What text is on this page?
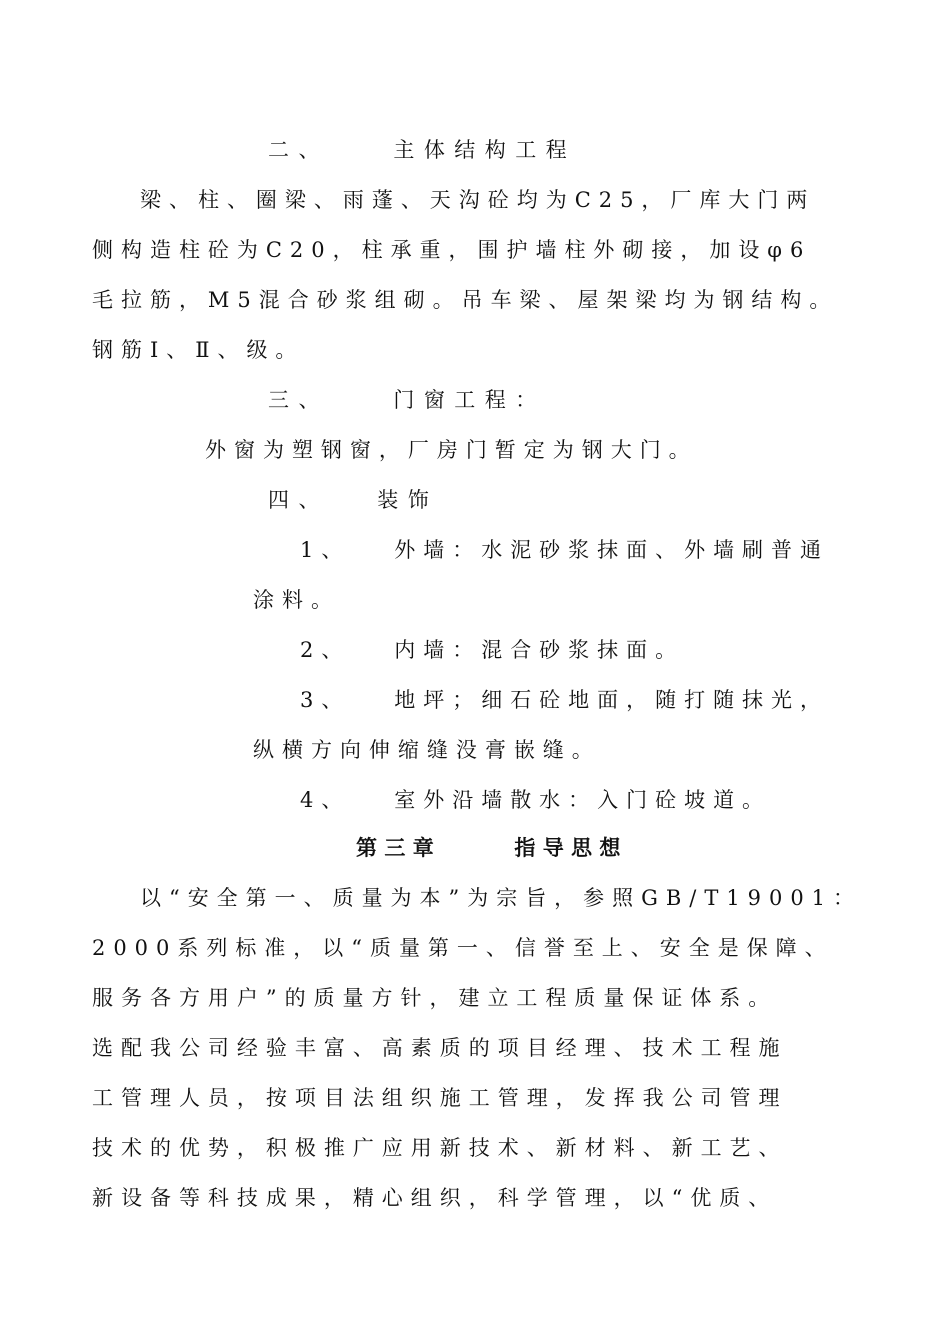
二、    主体结构工程
梁、柱、圈梁、雨蓬、天沟砼均为C25，厂库大门两
侧构造柱砼为C20，柱承重，围护墙柱外砌接，加设φ6
毛拉筋，M5混合砂浆组砌。吊车梁、屋架梁均为钢结构。
钢筋Ⅰ、Ⅱ、级。
三、    门窗工程：
外窗为塑钢窗，厂房门暂定为钢大门。
四、   装饰
1、   外墙：水泥砂浆抹面、外墙刷普通
涂料。
2、   内墙：混合砂浆抹面。
3、   地坪；细石砼地面，随打随抹光，
纵横方向伸缩缝没膏嵌缝。
4、   室外沿墙散水：入门砼坡道。
第三章     指导思想
以“安全第一、质量为本”为宗旨，参照GB/T19001：
2000系列标准，以“质量第一、信誉至上、安全是保障、
服务各方用户”的质量方针，建立工程质量保证体系。
选配我公司经验丰富、高素质的项目经理、技术工程施
工管理人员，按项目法组织施工管理，发挥我公司管理
技术的优势，积极推广应用新技术、新材料、新工艺、
新设备等科技成果，精心组织，科学管理，以“优质、
